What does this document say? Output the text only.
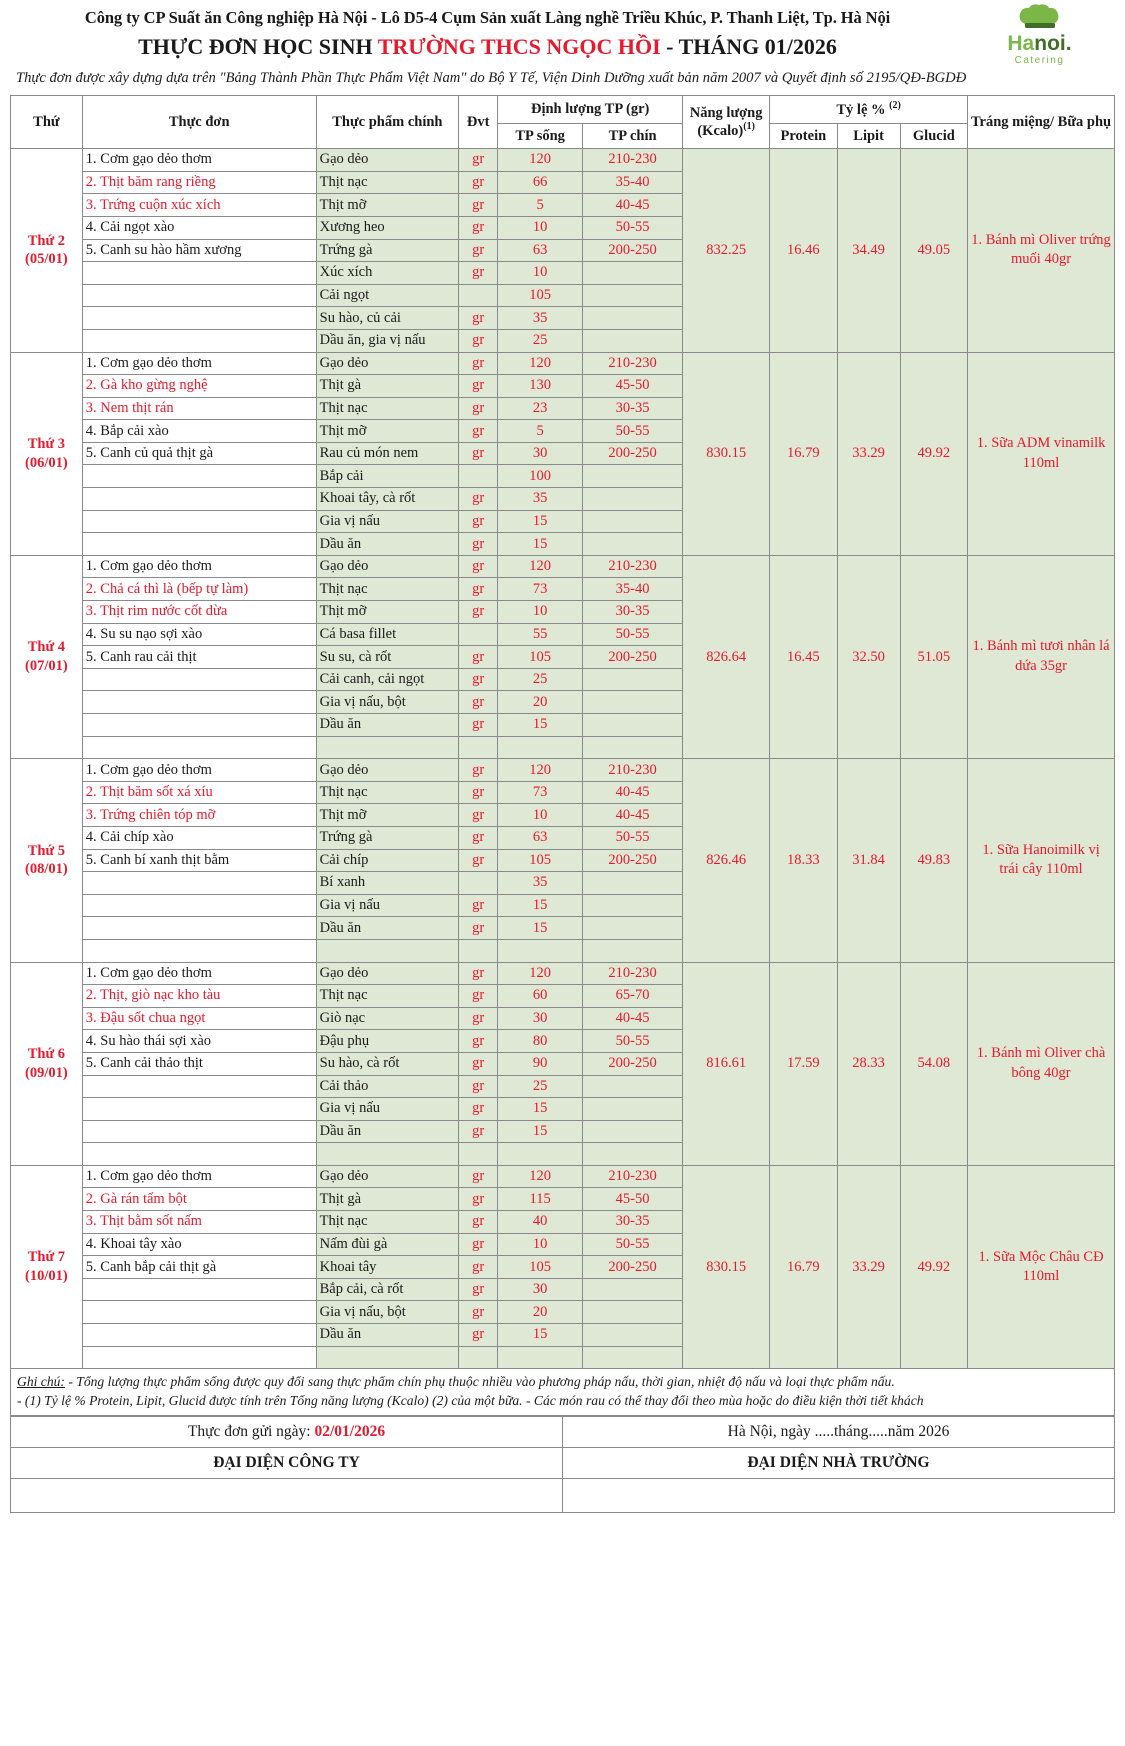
Công ty CP Suất ăn Công nghiệp Hà Nội - Lô D5-4 Cụm Sản xuất Làng nghề Triều Khúc, P. Thanh Liệt, Tp. Hà Nội
THỰC ĐƠN HỌC SINH TRƯỜNG THCS NGỌC HỒI - THÁNG 01/2026	Hanoi.
Catering
Thực đơn được xây dựng dựa trên "Bảng Thành Phần Thực Phẩm Việt Nam" do Bộ Y Tế, Viện Dinh Dưỡng xuất bản năm 2007 và Quyết định số 2195/QĐ-BGDĐ
Thứ	Thực đơn	Thực phẩm chính	Đvt	Định lượng TP (gr)		Năng lượng (Kcalo)$^{(1)}$	Tỷ lệ % $^{(2)}$			Tráng miệng/ Bữa phụ
				TP sống	TP chín		Protein	Lipit	Glucid	
Thứ 2
(05/01)	1. Cơm gạo dẻo thơm	Gạo dẻo	gr	120	210-230	832.25	16.46	34.49	49.05	1. Bánh mì Oliver trứng muối 40gr
	2. Thịt băm rang riềng	Thịt nạc	gr	66	35-40					
	3. Trứng cuộn xúc xích	Thịt mỡ	gr	5	40-45					
	4. Cải ngọt xào	Xương heo	gr	10	50-55					
	5. Canh su hào hầm xương	Trứng gà	gr	63	200-250					
		Xúc xích	gr	10						
		Cải ngọt		105						
		Su hào, củ cải	gr	35						
		Dầu ăn, gia vị nấu	gr	25						
Thứ 3
(06/01)	1. Cơm gạo dẻo thơm	Gạo dẻo	gr	120	210-230	830.15	16.79	33.29	49.92	1. Sữa ADM vinamilk 110ml
	2. Gà kho gừng nghệ	Thịt gà	gr	130	45-50					
	3. Nem thịt rán	Thịt nạc	gr	23	30-35					
	4. Bắp cải xào	Thịt mỡ	gr	5	50-55					
	5. Canh củ quả thịt gà	Rau củ món nem	gr	30	200-250					
		Bắp cải		100						
		Khoai tây, cà rốt	gr	35						
		Gia vị nấu	gr	15						
		Dầu ăn	gr	15						
Thứ 4
(07/01)	1. Cơm gạo dẻo thơm	Gạo dẻo	gr	120	210-230	826.64	16.45	32.50	51.05	1. Bánh mì tươi nhân lá dứa 35gr
	2. Chả cá thì là (bếp tự làm)	Thịt nạc	gr	73	35-40					
	3. Thịt rim nước cốt dừa	Thịt mỡ	gr	10	30-35					
	4. Su su nạo sợi xào	Cá basa fillet		55	50-55					
	5. Canh rau cải thịt	Su su, cà rốt	gr	105	200-250					
		Cải canh, cải ngọt	gr	25						
		Gia vị nấu, bột	gr	20						
		Dầu ăn	gr	15						

Thứ 5
(08/01)	1. Cơm gạo dẻo thơm	Gạo dẻo	gr	120	210-230	826.46	18.33	31.84	49.83	1. Sữa Hanoimilk vị trái cây 110ml
	2. Thịt băm sốt xá xíu	Thịt nạc	gr	73	40-45					
	3. Trứng chiên tóp mỡ	Thịt mỡ	gr	10	40-45					
	4. Cải chíp xào	Trứng gà	gr	63	50-55					
	5. Canh bí xanh thịt bằm	Cải chíp	gr	105	200-250					
		Bí xanh		35						
		Gia vị nấu	gr	15						
		Dầu ăn	gr	15						

Thứ 6
(09/01)	1. Cơm gạo dẻo thơm	Gạo dẻo	gr	120	210-230	816.61	17.59	28.33	54.08	1. Bánh mì Oliver chà bông 40gr
	2. Thịt, giò nạc kho tàu	Thịt nạc	gr	60	65-70					
	3. Đậu sốt chua ngọt	Giò nạc	gr	30	40-45					
	4. Su hào thái sợi xào	Đậu phụ	gr	80	50-55					
	5. Canh cải thảo thịt	Su hào, cà rốt	gr	90	200-250					
		Cải thảo	gr	25						
		Gia vị nấu	gr	15						
		Dầu ăn	gr	15						

Thứ 7
(10/01)	1. Cơm gạo dẻo thơm	Gạo dẻo	gr	120	210-230	830.15	16.79	33.29	49.92	1. Sữa Mộc Châu CĐ 110ml
	2. Gà rán tẩm bột	Thịt gà	gr	115	45-50					
	3. Thịt bằm sốt nấm	Thịt nạc	gr	40	30-35					
	4. Khoai tây xào	Nấm đùi gà	gr	10	50-55					
	5. Canh bắp cải thịt gà	Khoai tây	gr	105	200-250					
		Bắp cải, cà rốt	gr	30						
		Gia vị nấu, bột	gr	20						
		Dầu ăn	gr	15						

Ghi chú: - Tổng lượng thực phẩm sống được quy đổi sang thực phẩm chín phụ thuộc nhiều vào phương pháp nấu, thời gian, nhiệt độ nấu và loại thực phẩm nấu.
- (1) Tỷ lệ % Protein, Lipit, Glucid được tính trên Tổng năng lượng (Kcalo) (2) của một bữa. - Các món rau có thể thay đổi theo mùa hoặc do điều kiện thời tiết khách
Thực đơn gửi ngày: 02/01/2026	Hà Nội, ngày .....tháng.....năm 2026
ĐẠI DIỆN CÔNG TY	ĐẠI DIỆN NHÀ TRƯỜNG
